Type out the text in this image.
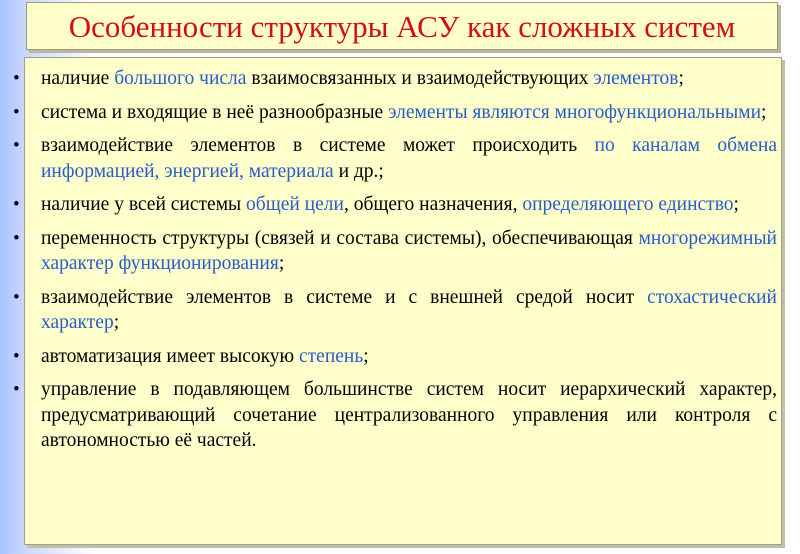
Особенности структуры АСУ как сложных систем
• наличие большого числа взаимосвязанных и взаимодействующих элементов;
• система и входящие в неё разнообразные элементы являются многофункциональными;
• взаимодействие элементов в системе может происходить по каналам обмена информацией, энергией, материала и др.;
• наличие у всей системы общей цели, общего назначения, определяющего единство;
• переменность структуры (связей и состава системы), обеспечивающая многорежимный характер функционирования;
• взаимодействие элементов в системе и с внешней средой носит стохастический характер;
• автоматизация имеет высокую степень;
• управление в подавляющем большинстве систем носит иерархический характер, предусматривающий сочетание централизованного управления или контроля с автономностью её частей.
